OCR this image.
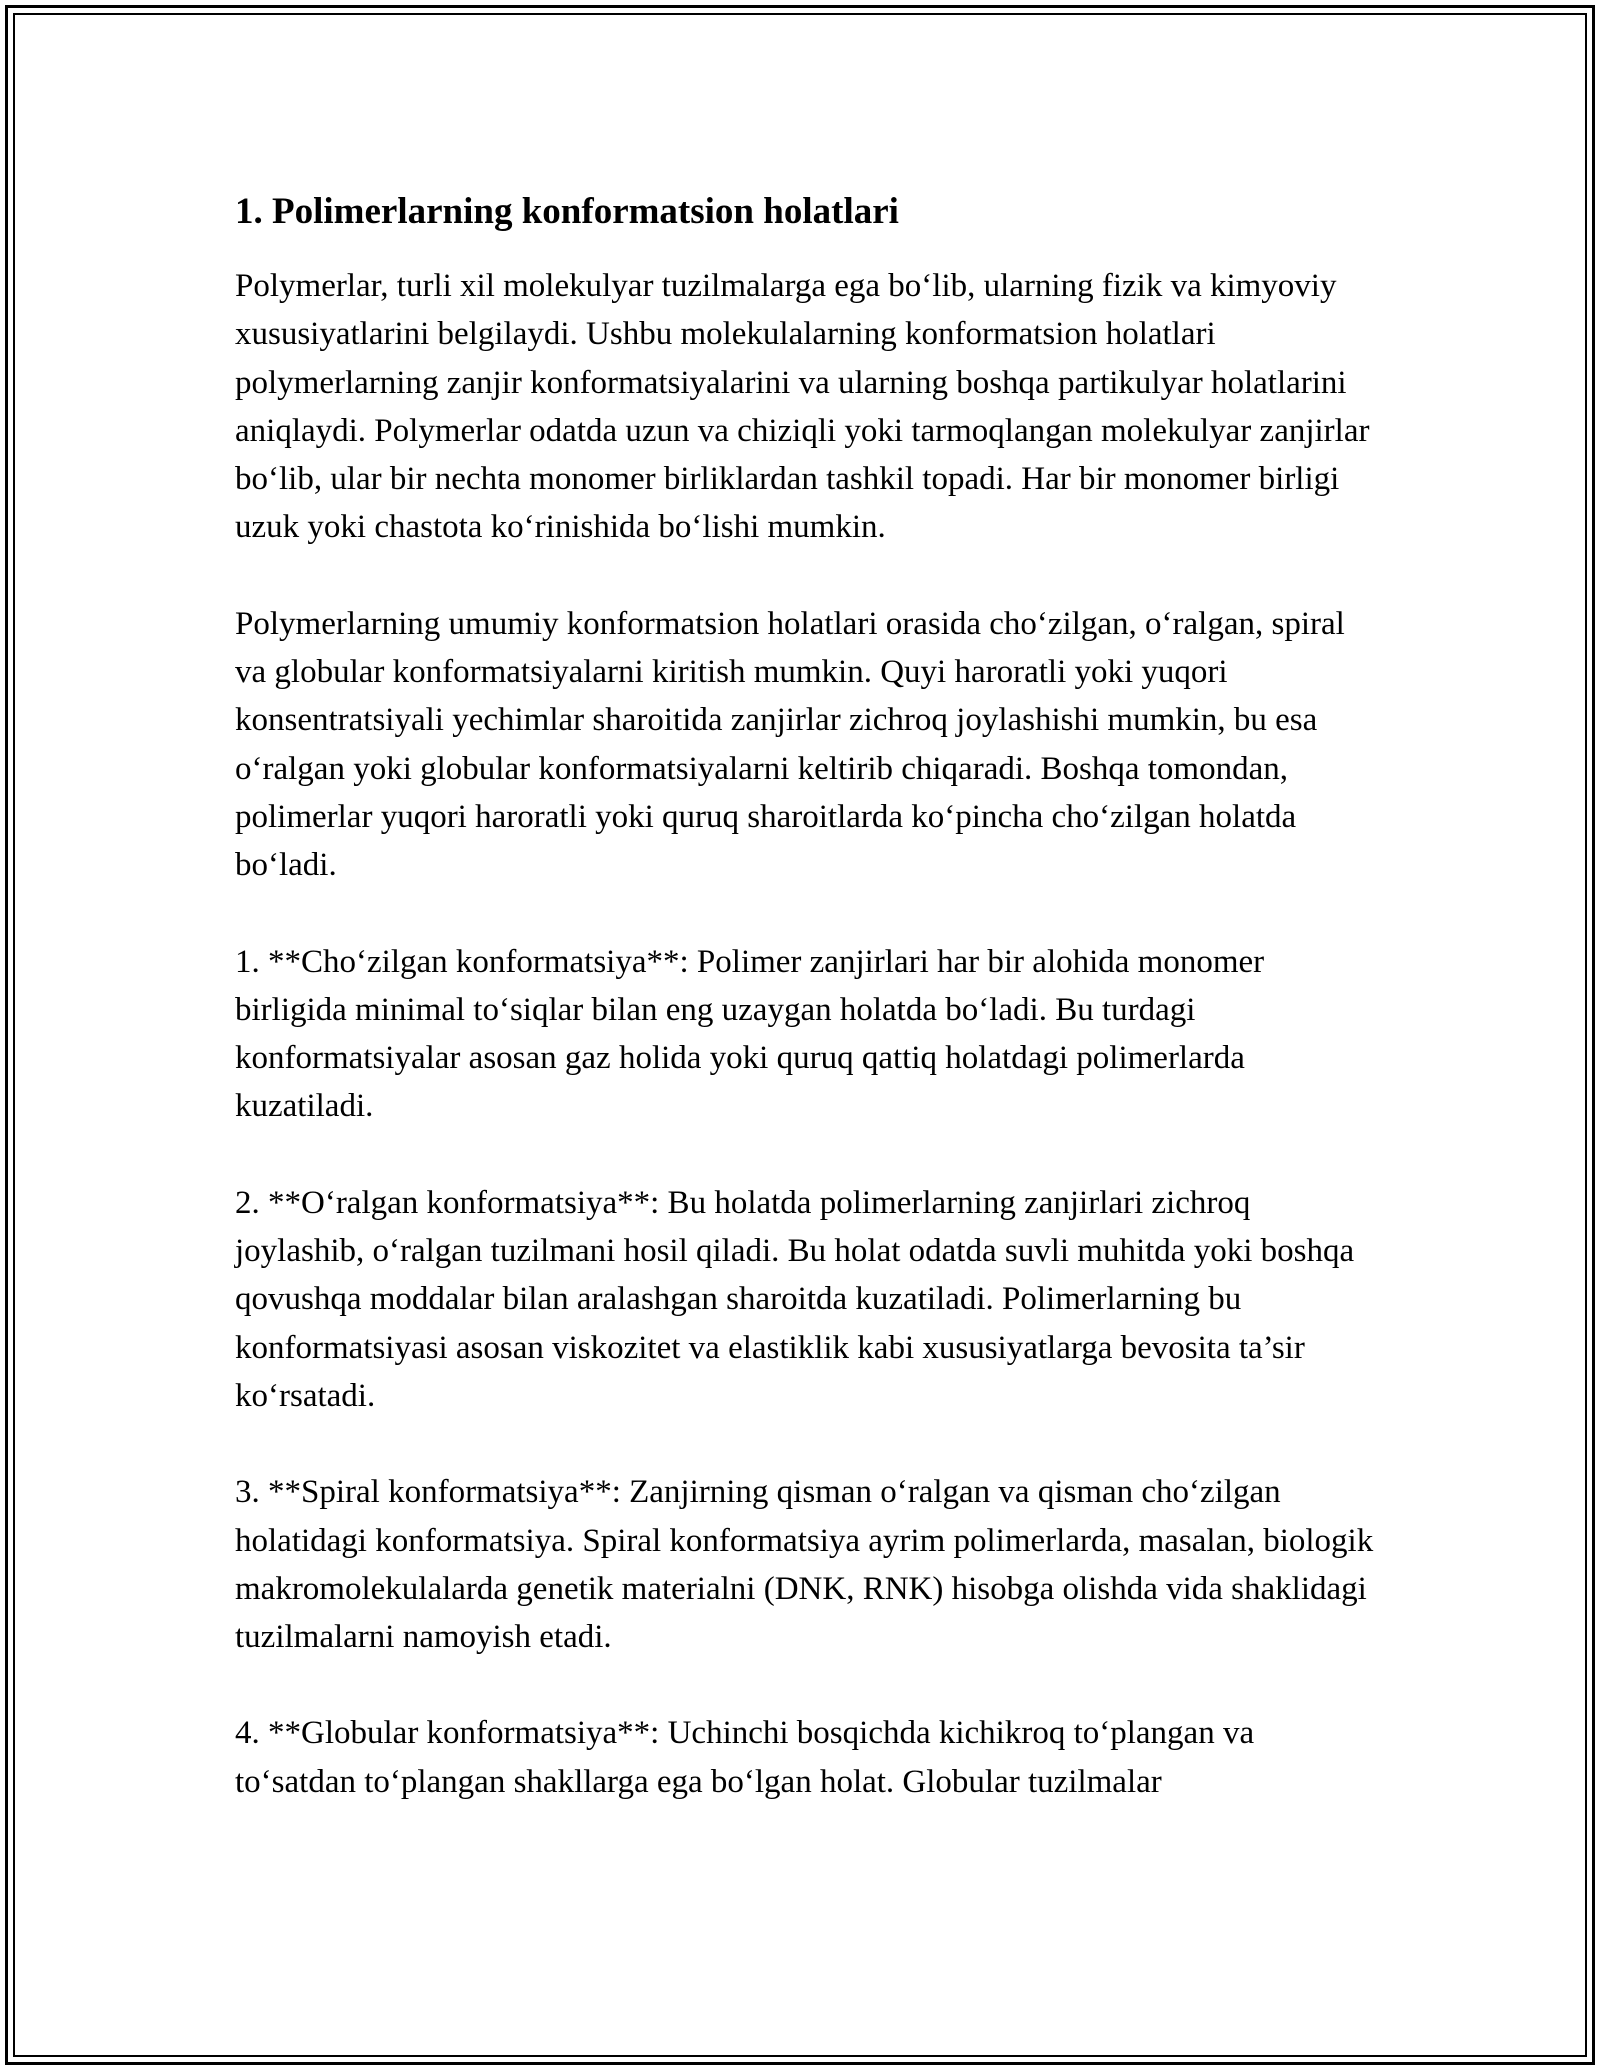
1. Polimerlarning konformatsion holatlari

Polymerlar, turli xil molekulyar tuzilmalarga ega bo‘lib, ularning fizik va kimyoviy xususiyatlarini belgilaydi. Ushbu molekulalarning konformatsion holatlari polymerlarning zanjir konformatsiyalarini va ularning boshqa partikulyar holatlarini aniqlaydi. Polymerlar odatda uzun va chiziqli yoki tarmoqlangan molekulyar zanjirlar bo‘lib, ular bir nechta monomer birliklardan tashkil topadi. Har bir monomer birligi uzuk yoki chastota ko‘rinishida bo‘lishi mumkin.

Polymerlarning umumiy konformatsion holatlari orasida cho‘zilgan, o‘ralgan, spiral va globular konformatsiyalarni kiritish mumkin. Quyi haroratli yoki yuqori konsentratsiyali yechimlar sharoitida zanjirlar zichroq joylashishi mumkin, bu esa o‘ralgan yoki globular konformatsiyalarni keltirib chiqaradi. Boshqa tomondan, polimerlar yuqori haroratli yoki quruq sharoitlarda ko‘pincha cho‘zilgan holatda bo‘ladi.

1. **Cho‘zilgan konformatsiya**: Polimer zanjirlari har bir alohida monomer birligida minimal to‘siqlar bilan eng uzaygan holatda bo‘ladi. Bu turdagi konformatsiyalar asosan gaz holida yoki quruq qattiq holatdagi polimerlarda kuzatiladi.

2. **O‘ralgan konformatsiya**: Bu holatda polimerlarning zanjirlari zichroq joylashib, o‘ralgan tuzilmani hosil qiladi. Bu holat odatda suvli muhitda yoki boshqa qovushqa moddalar bilan aralashgan sharoitda kuzatiladi. Polimerlarning bu konformatsiyasi asosan viskozitet va elastiklik kabi xususiyatlarga bevosita ta’sir ko‘rsatadi.

3. **Spiral konformatsiya**: Zanjirning qisman o‘ralgan va qisman cho‘zilgan holatidagi konformatsiya. Spiral konformatsiya ayrim polimerlarda, masalan, biologik makromolekulalarda genetik materialni (DNK, RNK) hisobga olishda vida shaklidagi tuzilmalarni namoyish etadi.

4. **Globular konformatsiya**: Uchinchi bosqichda kichikroq to‘plangan va to‘satdan to‘plangan shakllarga ega bo‘lgan holat. Globular tuzilmalar
